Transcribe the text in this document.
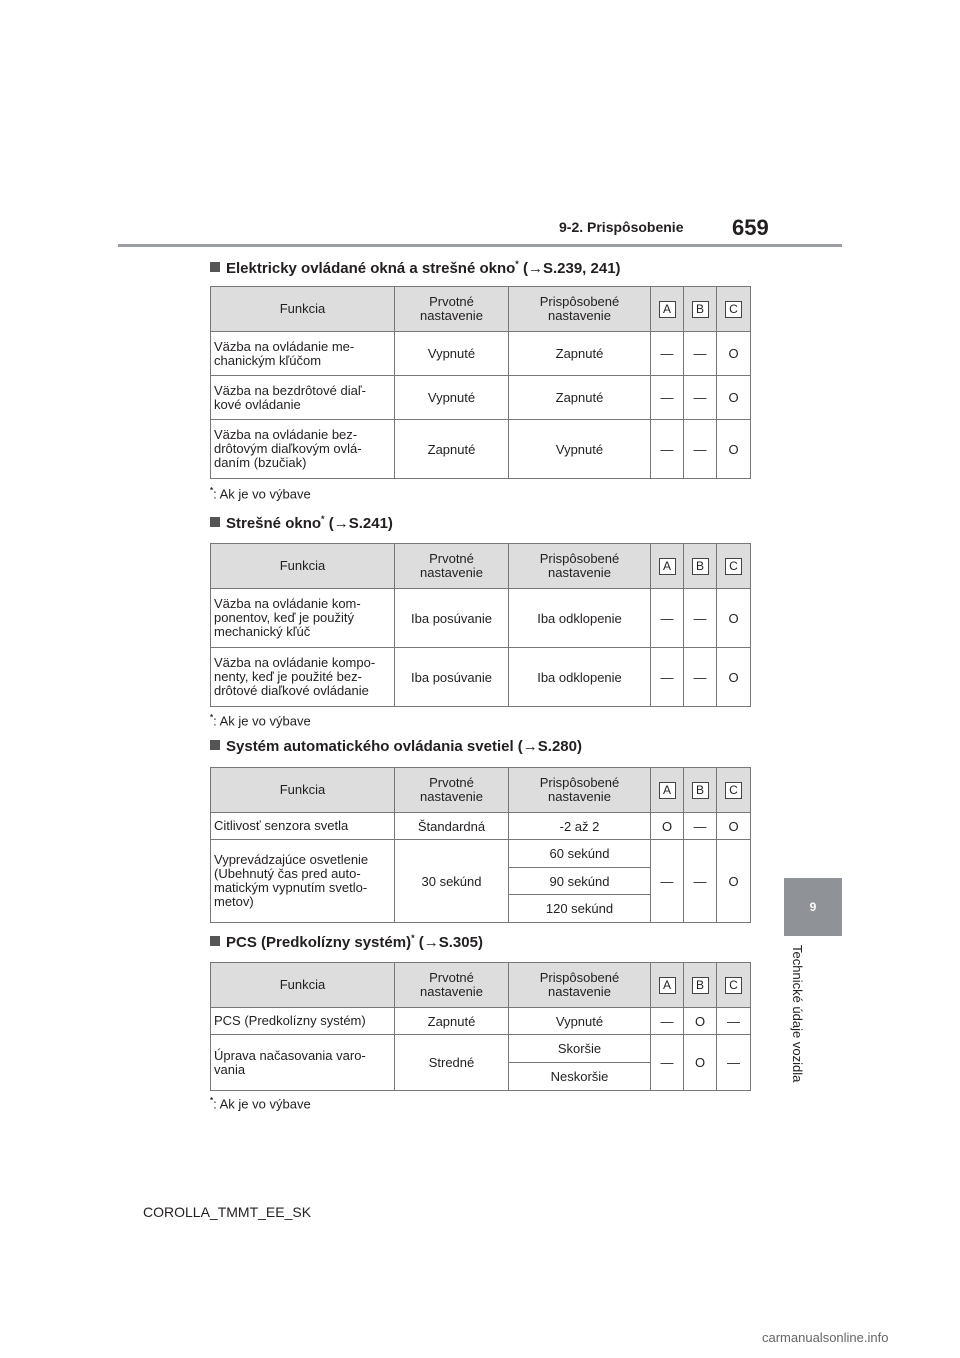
9-2. Prispôsobenie 659
9
Technické údaje vozidla
Elektricky ovládané okná a strešné okno* (→S.239, 241)
Funkcia	Prvotné nastavenie	Prispôsobené nastavenie	A	B	C
Väzba na ovládanie me- chanickým kľúčom	Vypnuté	Zapnuté	—	—	O
Väzba na bezdrôtové diaľ- kové ovládanie	Vypnuté	Zapnuté	—	—	O
Väzba na ovládanie bez- drôtovým diaľkovým ovlá- daním (bzučiak)	Zapnuté	Vypnuté	—	—	O
*: Ak je vo výbave
Strešné okno* (→S.241)
Funkcia	Prvotné nastavenie	Prispôsobené nastavenie	A	B	C
Väzba na ovládanie kom- ponentov, keď je použitý mechanický kľúč	Iba posúvanie	Iba odklopenie	—	—	O
Väzba na ovládanie kompo- nenty, keď je použité bez- drôtové diaľkové ovládanie	Iba posúvanie	Iba odklopenie	—	—	O
*: Ak je vo výbave
Systém automatického ovládania svetiel (→S.280)
Funkcia	Prvotné nastavenie	Prispôsobené nastavenie	A	B	C
Citlivosť senzora svetla	Štandardná	-2 až 2	O	—	O
Vyprevádzajúce osvetlenie (Ubehnutý čas pred auto- matickým vypnutím svetlo- metov)	30 sekúnd	60 sekúnd	—	—	O
		90 sekúnd			
		120 sekúnd			
PCS (Predkolízny systém)* (→S.305)
Funkcia	Prvotné nastavenie	Prispôsobené nastavenie	A	B	C
PCS (Predkolízny systém)	Zapnuté	Vypnuté	—	O	—
Úprava načasovania varo- vania	Stredné	Skoršie	—	O	—
		Neskoršie			
*: Ak je vo výbave
COROLLA_TMMT_EE_SK
carmanualsonline.info
